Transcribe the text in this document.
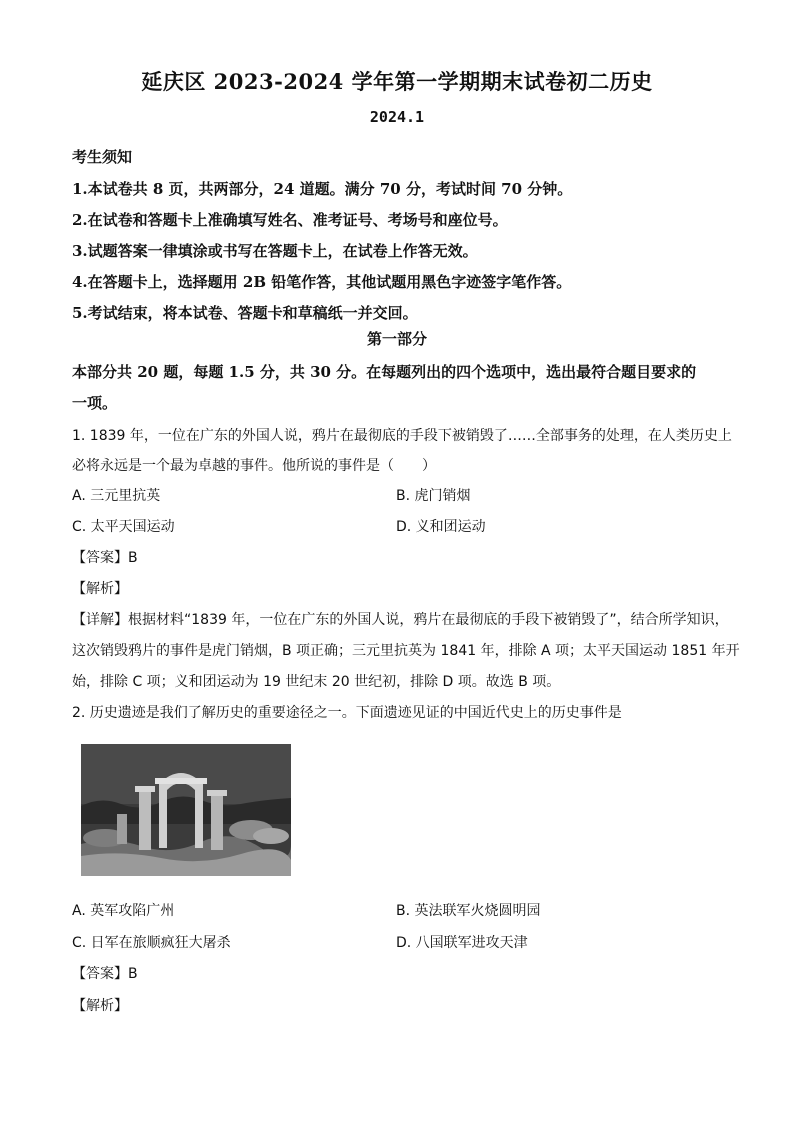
延庆区 2023-2024 学年第一学期期末试卷初二历史
2024.1
考生须知
1.本试卷共 8 页，共两部分，24 道题。满分 70 分，考试时间 70 分钟。
2.在试卷和答题卡上准确填写姓名、准考证号、考场号和座位号。
3.试题答案一律填涂或书写在答题卡上，在试卷上作答无效。
4.在答题卡上，选择题用 2B 铅笔作答，其他试题用黑色字迹签字笔作答。
5.考试结束，将本试卷、答题卡和草稿纸一并交回。
第一部分
本部分共 20 题，每题 1.5 分，共 30 分。在每题列出的四个选项中，选出最符合题目要求的
一项。
1. 1839 年，一位在广东的外国人说，鸦片在最彻底的手段下被销毁了……全部事务的处理，在人类历史上
必将永远是一个最为卓越的事件。他所说的事件是（　　）
A. 三元里抗英	B. 虎门销烟
C. 太平天国运动	D. 义和团运动
【答案】B
【解析】
【详解】根据材料“1839 年，一位在广东的外国人说，鸦片在最彻底的手段下被销毁了”，结合所学知识，
这次销毁鸦片的事件是虎门销烟，B 项正确；三元里抗英为 1841 年，排除 A 项；太平天国运动 1851 年开
始，排除 C 项；义和团运动为 19 世纪末 20 世纪初，排除 D 项。故选 B 项。
2. 历史遗迹是我们了解历史的重要途径之一。下面遗迹见证的中国近代史上的历史事件是
A. 英军攻陷广州	B. 英法联军火烧圆明园
C. 日军在旅顺疯狂大屠杀	D. 八国联军进攻天津
【答案】B
【解析】
